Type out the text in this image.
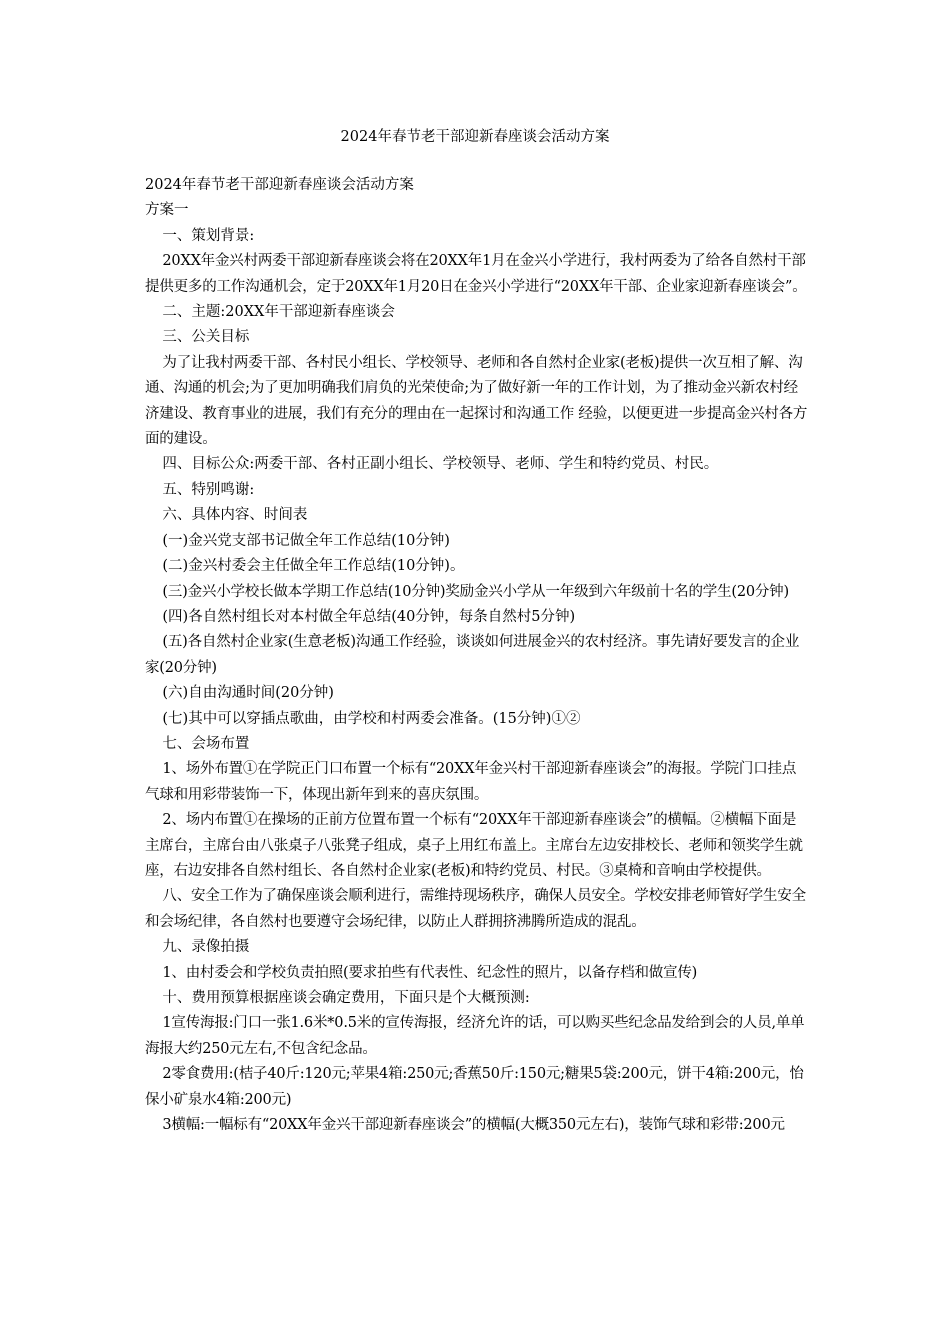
2024年春节老干部迎新春座谈会活动方案

2024年春节老干部迎新春座谈会活动方案

方案一

一、策划背景:

20XX年金兴村两委干部迎新春座谈会将在20XX年1月在金兴小学进行，我村两委为了给各自然村干部提供更多的工作沟通机会，定于20XX年1月20日在金兴小学进行“20XX年干部、企业家迎新春座谈会”。

二、主题:20XX年干部迎新春座谈会

三、公关目标

为了让我村两委干部、各村民小组长、学校领导、老师和各自然村企业家(老板)提供一次互相了解、沟通、沟通的机会;为了更加明确我们肩负的光荣使命;为了做好新一年的工作计划，为了推动金兴新农村经济建设、教育事业的进展，我们有充分的理由在一起探讨和沟通工作 经验，以便更进一步提高金兴村各方面的建设。

四、目标公众:两委干部、各村正副小组长、学校领导、老师、学生和特约党员、村民。

五、特别鸣谢:

六、具体内容、时间表

(一)金兴党支部书记做全年工作总结(10分钟)

(二)金兴村委会主任做全年工作总结(10分钟)。

(三)金兴小学校长做本学期工作总结(10分钟)奖励金兴小学从一年级到六年级前十名的学生(20分钟)

(四)各自然村组长对本村做全年总结(40分钟，每条自然村5分钟)

(五)各自然村企业家(生意老板)沟通工作经验，谈谈如何进展金兴的农村经济。事先请好要发言的企业家(20分钟)

(六)自由沟通时间(20分钟)

(七)其中可以穿插点歌曲，由学校和村两委会准备。(15分钟)①②

七、会场布置

1、场外布置①在学院正门口布置一个标有“20XX年金兴村干部迎新春座谈会”的海报。学院门口挂点气球和用彩带装饰一下，体现出新年到来的喜庆氛围。

2、场内布置①在操场的正前方位置布置一个标有“20XX年干部迎新春座谈会”的横幅。②横幅下面是主席台，主席台由八张桌子八张凳子组成，桌子上用红布盖上。主席台左边安排校长、老师和领奖学生就座，右边安排各自然村组长、各自然村企业家(老板)和特约党员、村民。③桌椅和音响由学校提供。

八、安全工作为了确保座谈会顺利进行，需维持现场秩序，确保人员安全。学校安排老师管好学生安全和会场纪律，各自然村也要遵守会场纪律，以防止人群拥挤沸腾所造成的混乱。

九、录像拍摄

1、由村委会和学校负责拍照(要求拍些有代表性、纪念性的照片，以备存档和做宣传)

十、费用预算根据座谈会确定费用，下面只是个大概预测:

1宣传海报:门口一张1.6米*0.5米的宣传海报，经济允许的话，可以购买些纪念品发给到会的人员,单单海报大约250元左右,不包含纪念品。

2零食费用:(桔子40斤:120元;苹果4箱:250元;香蕉50斤:150元;糖果5袋:200元，饼干4箱:200元，怡保小矿泉水4箱:200元)

3横幅:一幅标有“20XX年金兴干部迎新春座谈会”的横幅(大概350元左右)，装饰气球和彩带:200元
